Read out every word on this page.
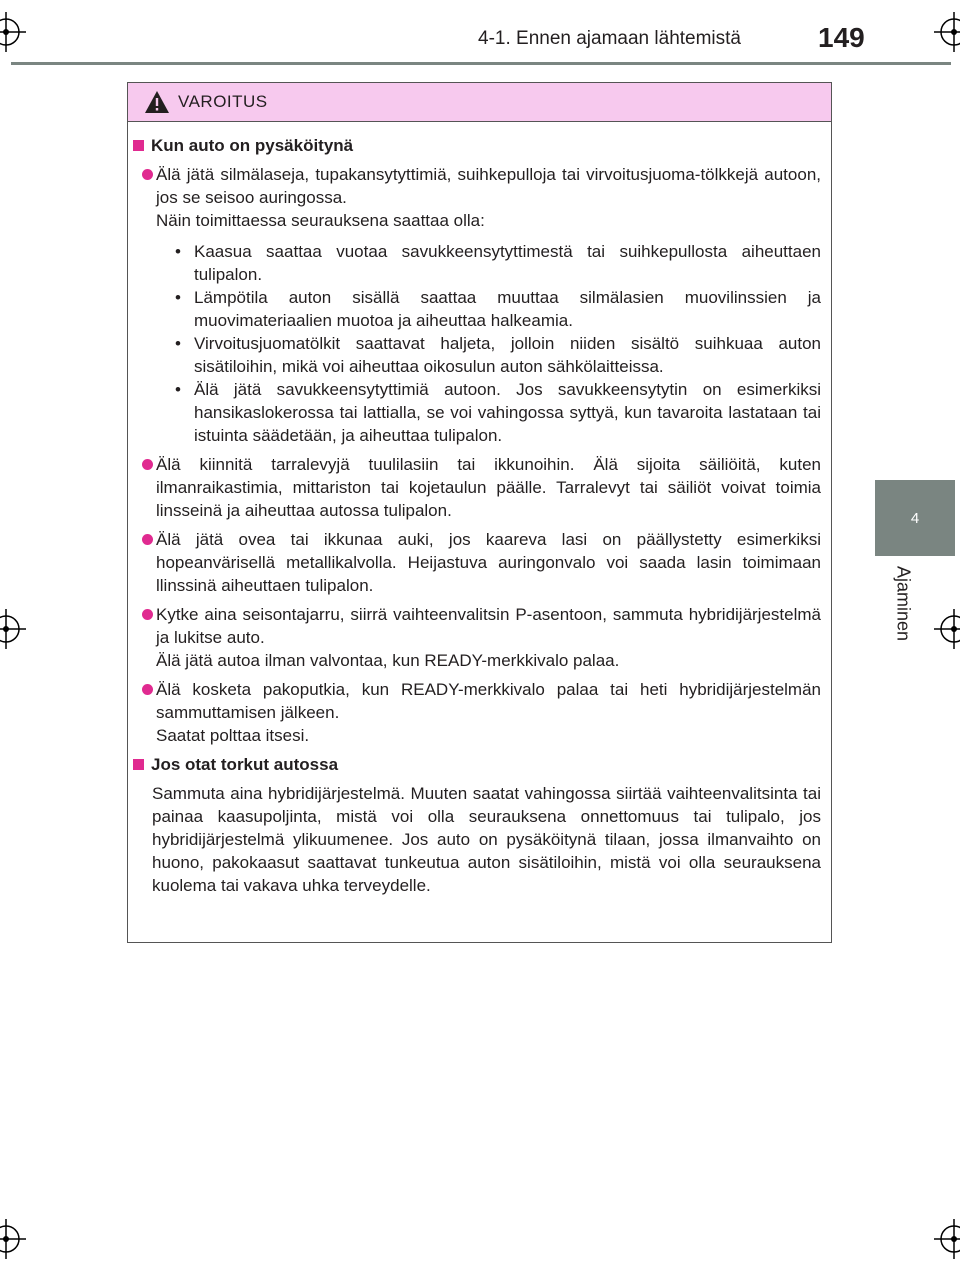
4-1. Ennen ajamaan lähtemistä	149
4
Ajaminen
VAROITUS
Kun auto on pysäköitynä

Älä jätä silmälaseja, tupakansytyttimiä, suihkepulloja tai virvoitusjuoma-tölkkejä autoon, jos se seisoo auringossa.

Näin toimittaessa seurauksena saattaa olla:

• Kaasua saattaa vuotaa savukkeensytyttimestä tai suihkepullosta aiheuttaen tulipalon.

• Lämpötila auton sisällä saattaa muuttaa silmälasien muovilinssien ja muovimateriaalien muotoa ja aiheuttaa halkeamia.

• Virvoitusjuomatölkit saattavat haljeta, jolloin niiden sisältö suihkuaa auton sisätiloihin, mikä voi aiheuttaa oikosulun auton sähkölaitteissa.

• Älä jätä savukkeensytyttimiä autoon. Jos savukkeensytytin on esimerkiksi hansikaslokerossa tai lattialla, se voi vahingossa syttyä, kun tavaroita lastataan tai istuinta säädetään, ja aiheuttaa tulipalon.

Älä kiinnitä tarralevyjä tuulilasiin tai ikkunoihin. Älä sijoita säiliöitä, kuten ilmanraikastimia, mittariston tai kojetaulun päälle. Tarralevyt tai säiliöt voivat toimia linsseinä ja aiheuttaa autossa tulipalon.

Älä jätä ovea tai ikkunaa auki, jos kaareva lasi on päällystetty esimerkiksi hopeanvärisellä metallikalvolla. Heijastuva auringonvalo voi saada lasin toimimaan llinssinä aiheuttaen tulipalon.

Kytke aina seisontajarru, siirrä vaihteenvalitsin P-asentoon, sammuta hybridijärjestelmä ja lukitse auto.

Älä jätä autoa ilman valvontaa, kun READY-merkkivalo palaa.

Älä kosketa pakoputkia, kun READY-merkkivalo palaa tai heti hybridijärjestelmän sammuttamisen jälkeen.

Saatat polttaa itsesi.

Jos otat torkut autossa

Sammuta aina hybridijärjestelmä. Muuten saatat vahingossa siirtää vaihteenvalitsinta tai painaa kaasupoljinta, mistä voi olla seurauksena onnettomuus tai tulipalo, jos hybridijärjestelmä ylikuumenee. Jos auto on pysäköitynä tilaan, jossa ilmanvaihto on huono, pakokaasut saattavat tunkeutua auton sisätiloihin, mistä voi olla seurauksena kuolema tai vakava uhka terveydelle.
